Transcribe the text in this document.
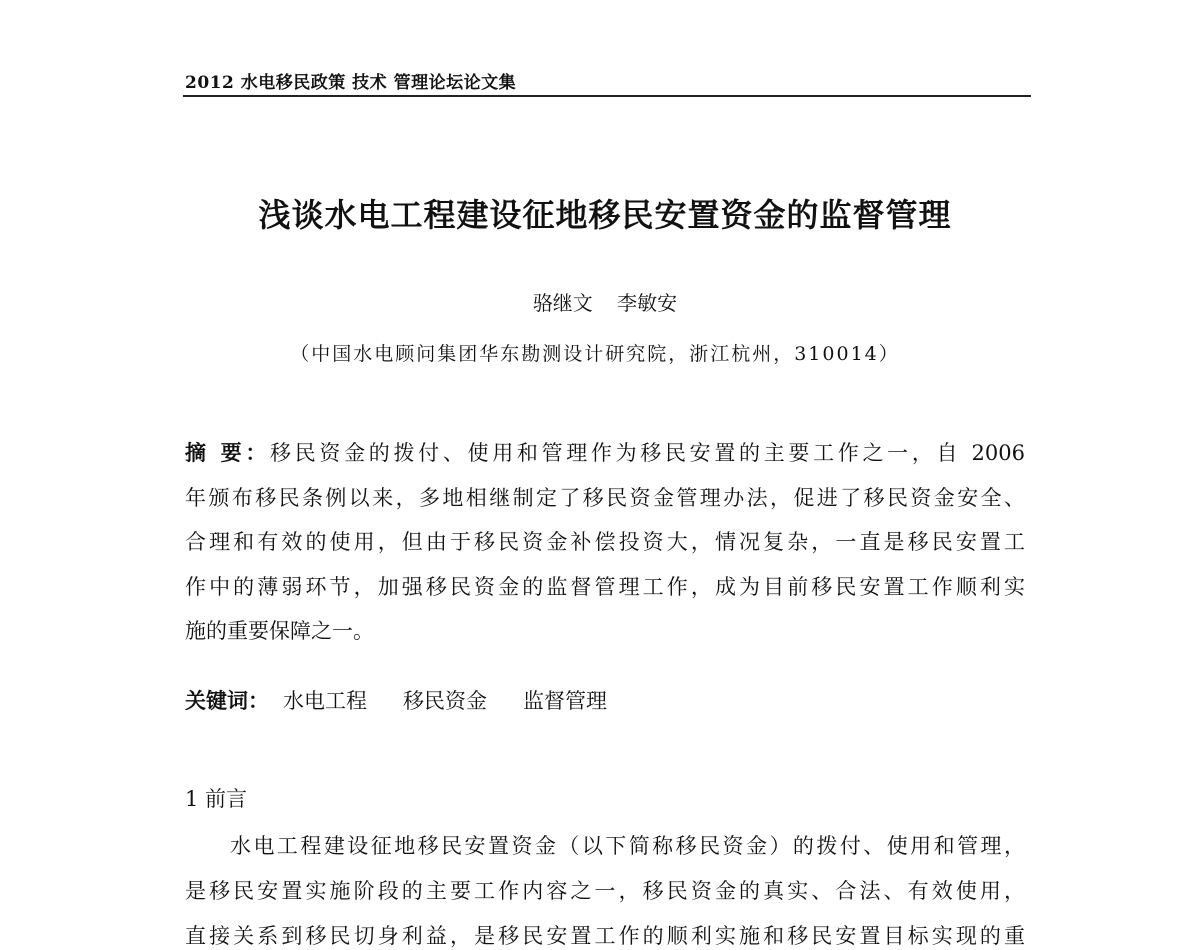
2012 水电移民政策 技术 管理论坛论文集
浅谈水电工程建设征地移民安置资金的监督管理
骆继文 李敏安
（中国水电顾问集团华东勘测设计研究院，浙江杭州，310014）
摘 要：移民资金的拨付、使用和管理作为移民安置的主要工作之一，自 2006
年颁布移民条例以来，多地相继制定了移民资金管理办法，促进了移民资金安全、
合理和有效的使用，但由于移民资金补偿投资大，情况复杂，一直是移民安置工
作中的薄弱环节，加强移民资金的监督管理工作，成为目前移民安置工作顺利实
施的重要保障之一。
关键词： 水电工程 移民资金 监督管理
1 前言
水电工程建设征地移民安置资金（以下简称移民资金）的拨付、使用和管理，
是移民安置实施阶段的主要工作内容之一，移民资金的真实、合法、有效使用，
直接关系到移民切身利益，是移民安置工作的顺利实施和移民安置目标实现的重
